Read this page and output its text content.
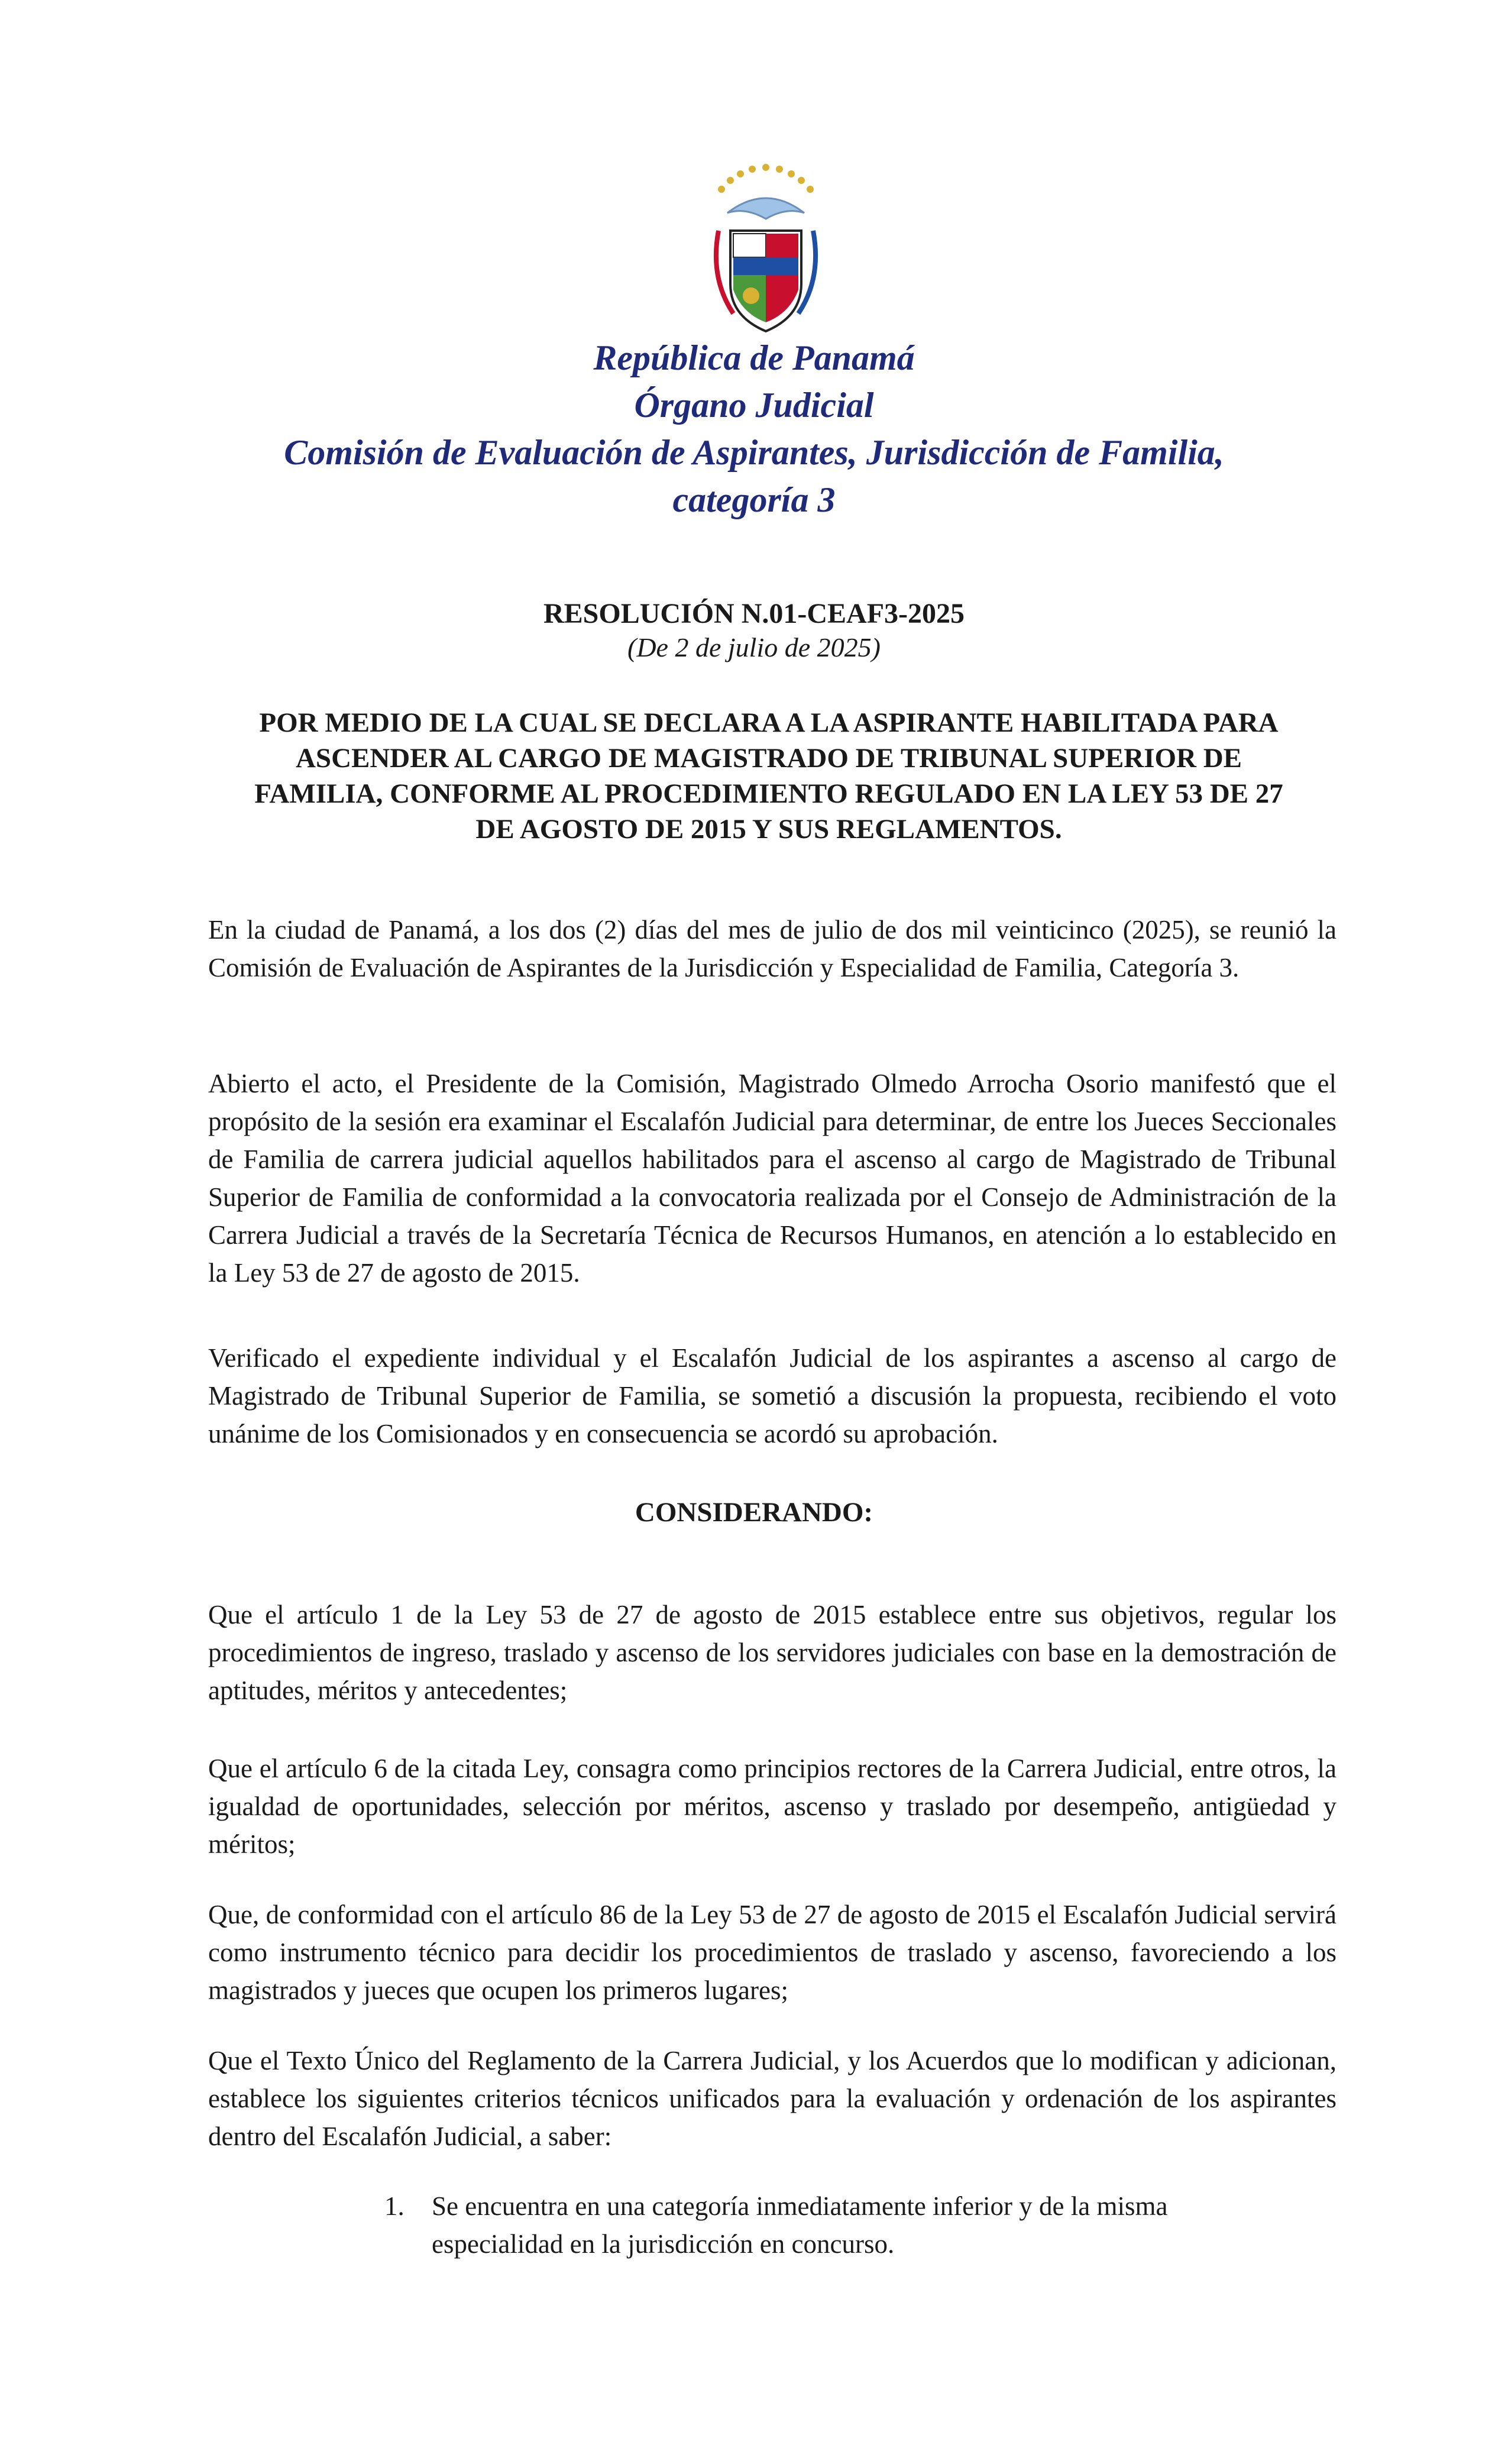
República de Panamá
Órgano Judicial
Comisión de Evaluación de Aspirantes, Jurisdicción de Familia,
categoría 3
RESOLUCIÓN N.01-CEAF3-2025
(De 2 de julio de 2025)
POR MEDIO DE LA CUAL SE DECLARA A LA ASPIRANTE HABILITADA PARA
ASCENDER AL CARGO DE MAGISTRADO DE TRIBUNAL SUPERIOR DE
FAMILIA, CONFORME AL PROCEDIMIENTO REGULADO EN LA LEY 53 DE 27
DE AGOSTO DE 2015 Y SUS REGLAMENTOS.
En la ciudad de Panamá, a los dos (2) días del mes de julio de dos mil veinticinco (2025), se reunió la Comisión de Evaluación de Aspirantes de la Jurisdicción y Especialidad de Familia, Categoría 3.
Abierto el acto, el Presidente de la Comisión, Magistrado Olmedo Arrocha Osorio manifestó que el propósito de la sesión era examinar el Escalafón Judicial para determinar, de entre los Jueces Seccionales de Familia de carrera judicial aquellos habilitados para el ascenso al cargo de Magistrado de Tribunal Superior de Familia de conformidad a la convocatoria realizada por el Consejo de Administración de la Carrera Judicial a través de la Secretaría Técnica de Recursos Humanos, en atención a lo establecido en la Ley 53 de 27 de agosto de 2015.
Verificado el expediente individual y el Escalafón Judicial de los aspirantes a ascenso al cargo de Magistrado de Tribunal Superior de Familia, se sometió a discusión la propuesta, recibiendo el voto unánime de los Comisionados y en consecuencia se acordó su aprobación.
CONSIDERANDO:
Que el artículo 1 de la Ley 53 de 27 de agosto de 2015 establece entre sus objetivos, regular los procedimientos de ingreso, traslado y ascenso de los servidores judiciales con base en la demostración de aptitudes, méritos y antecedentes;
Que el artículo 6 de la citada Ley, consagra como principios rectores de la Carrera Judicial, entre otros, la igualdad de oportunidades, selección por méritos, ascenso y traslado por desempeño, antigüedad y méritos;
Que, de conformidad con el artículo 86 de la Ley 53 de 27 de agosto de 2015 el Escalafón Judicial servirá como instrumento técnico para decidir los procedimientos de traslado y ascenso, favoreciendo a los magistrados y jueces que ocupen los primeros lugares;
Que el Texto Único del Reglamento de la Carrera Judicial, y los Acuerdos que lo modifican y adicionan, establece los siguientes criterios técnicos unificados para la evaluación y ordenación de los aspirantes dentro del Escalafón Judicial, a saber:
1.	Se encuentra en una categoría inmediatamente inferior y de la misma especialidad en la jurisdicción en concurso.
